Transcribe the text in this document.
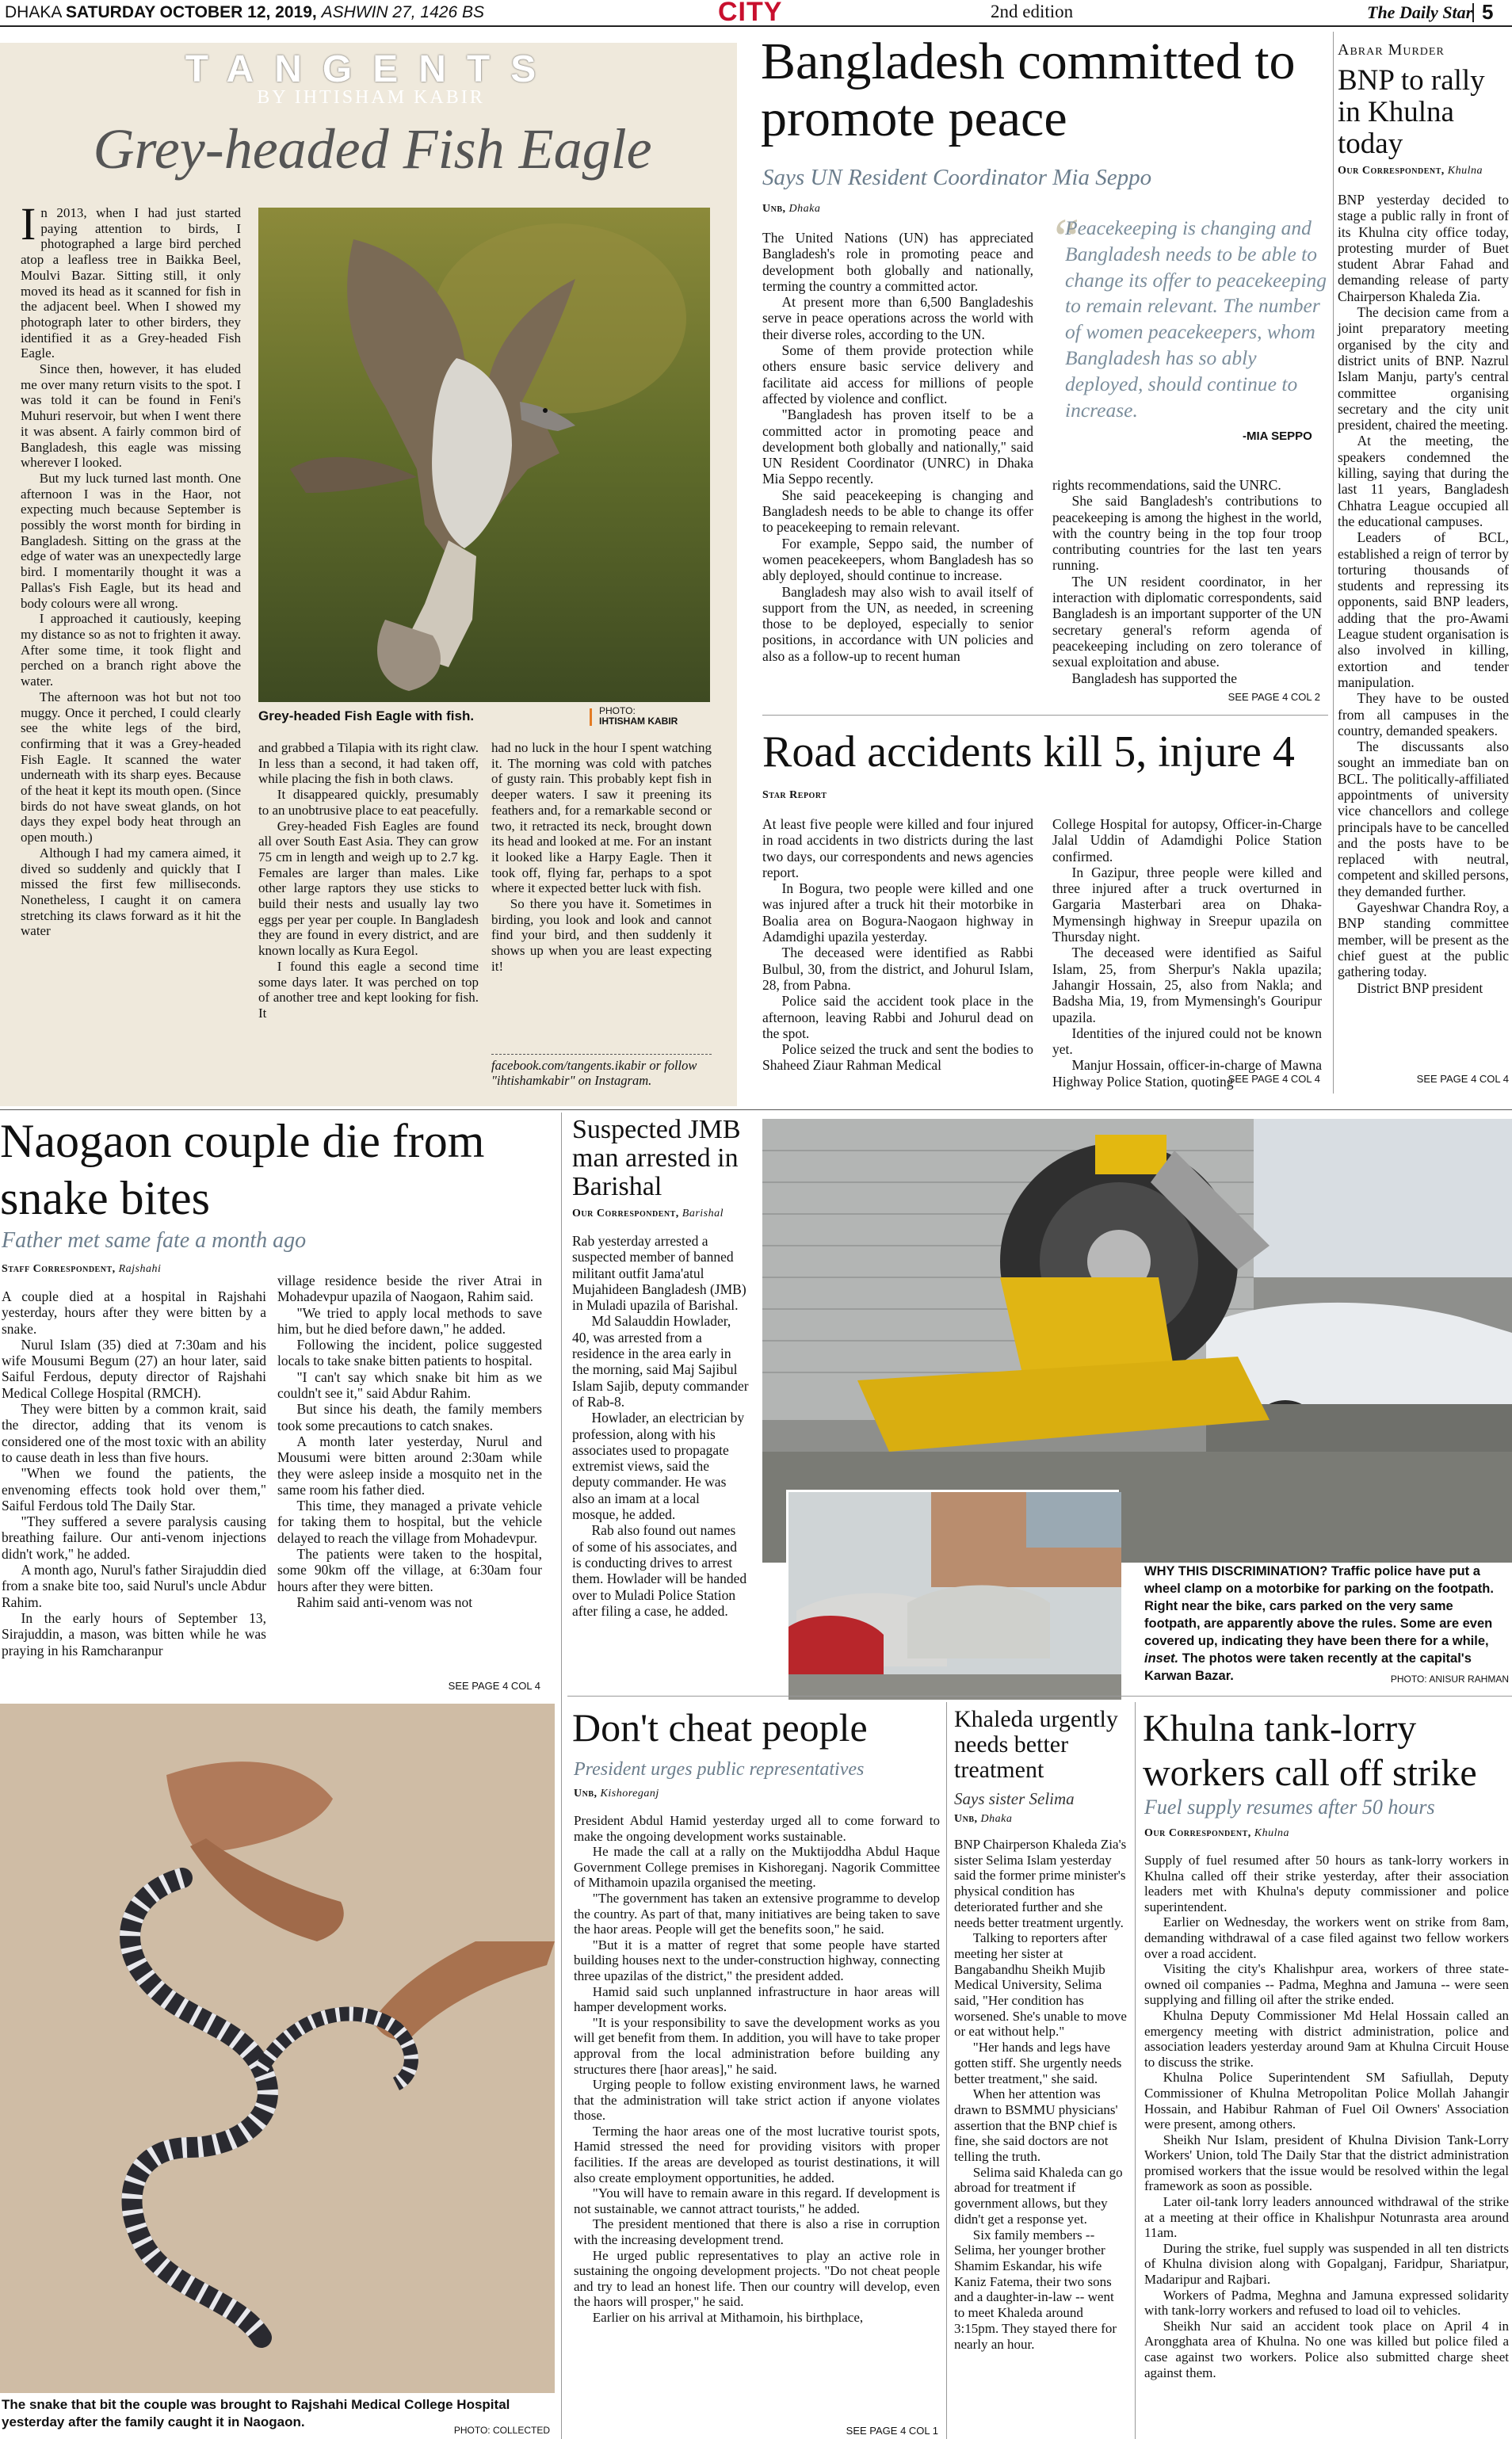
DHAKA SATURDAY OCTOBER 12, 2019, ASHWIN 27, 1426 BS	CITY	2nd edition	The Daily Star 5
TANGENTS
BY IHTISHAM KABIR
Grey-headed Fish Eagle

In 2013, when I had just started paying attention to birds, I photographed a large bird perched atop a leafless tree in Baikka Beel, Moulvi Bazar. Sitting still, it only moved its head as it scanned for fish in the adjacent beel. When I showed my photograph later to other birders, they identified it as a Grey-headed Fish Eagle.

Since then, however, it has eluded me over many return visits to the spot. I was told it can be found in Feni's Muhuri reservoir, but when I went there it was absent. A fairly common bird of Bangladesh, this eagle was missing wherever I looked.

But my luck turned last month. One afternoon I was in the Haor, not expecting much because September is possibly the worst month for birding in Bangladesh. Sitting on the grass at the edge of water was an unexpectedly large bird. I momentarily thought it was a Pallas's Fish Eagle, but its head and body colours were all wrong.

I approached it cautiously, keeping my distance so as not to frighten it away. After some time, it took flight and perched on a branch right above the water.

The afternoon was hot but not too muggy. Once it perched, I could clearly see the white legs of the bird, confirming that it was a Grey-headed Fish Eagle. It scanned the water underneath with its sharp eyes. Because of the heat it kept its mouth open. (Since birds do not have sweat glands, on hot days they expel body heat through an open mouth.)

Although I had my camera aimed, it dived so suddenly and quickly that I missed the first few milliseconds. Nonetheless, I caught it on camera stretching its claws forward as it hit the water

Grey-headed Fish Eagle with fish.	PHOTO:
IHTISHAM KABIR

and grabbed a Tilapia with its right claw. In less than a second, it had taken off, while placing the fish in both claws.

It disappeared quickly, presumably to an unobtrusive place to eat peacefully.

Grey-headed Fish Eagles are found all over South East Asia. They can grow 75 cm in length and weigh up to 2.7 kg. Females are larger than males. Like other large raptors they use sticks to build their nests and usually lay two eggs per year per couple. In Bangladesh they are found in every district, and are known locally as Kura Eegol.

I found this eagle a second time some days later. It was perched on top of another tree and kept looking for fish. It

had no luck in the hour I spent watching it. The morning was cold with patches of gusty rain. This probably kept fish in deeper waters. I saw it preening its feathers and, for a remarkable second or two, it retracted its neck, brought down its head and looked at me. For an instant it looked like a Harpy Eagle. Then it took off, flying far, perhaps to a spot where it expected better luck with fish.

So there you have it. Sometimes in birding, you look and look and cannot find your bird, and then suddenly it shows up when you are least expecting it!

facebook.com/tangents.ikabir or follow "ihtishamkabir" on Instagram.
Bangladesh committed to promote peace
Says UN Resident Coordinator Mia Seppo
Unb, Dhaka

The United Nations (UN) has appreciated Bangladesh's role in promoting peace and development both globally and nationally, terming the country a committed actor.

At present more than 6,500 Bangladeshis serve in peace operations across the world with their diverse roles, according to the UN.

Some of them provide protection while others ensure basic service delivery and facilitate aid access for millions of people affected by violence and conflict.

"Bangladesh has proven itself to be a committed actor in promoting peace and development both globally and nationally," said UN Resident Coordinator (UNRC) in Dhaka Mia Seppo recently.

She said peacekeeping is changing and Bangladesh needs to be able to change its offer to peacekeeping to remain relevant.

For example, Seppo said, the number of women peacekeepers, whom Bangladesh has so ably deployed, should continue to increase.

Bangladesh may also wish to avail itself of support from the UN, as needed, in screening those to be deployed, especially to senior positions, in accordance with UN policies and also as a follow-up to recent human

“
Peacekeeping is changing and Bangladesh needs to be able to change its offer to peacekeeping to remain relevant. The number of women peacekeepers, whom Bangladesh has so ably deployed, should continue to increase.
-MIA SEPPO

rights recommendations, said the UNRC.

She said Bangladesh's contributions to peacekeeping is among the highest in the world, with the country being in the top four troop contributing countries for the last ten years running.

The UN resident coordinator, in her interaction with diplomatic correspondents, said Bangladesh is an important supporter of the UN secretary general's reform agenda of peacekeeping including on zero tolerance of sexual exploitation and abuse.

Bangladesh has supported the

SEE PAGE 4 COL 2
Abrar Murder
BNP to rally in Khulna today
Our Correspondent, Khulna

BNP yesterday decided to stage a public rally in front of its Khulna city office today, protesting murder of Buet student Abrar Fahad and demanding release of party Chairperson Khaleda Zia.

The decision came from a joint preparatory meeting organised by the city and district units of BNP. Nazrul Islam Manju, party's central committee organising secretary and the city unit president, chaired the meeting.

At the meeting, the speakers condemned the killing, saying that during the last 11 years, Bangladesh Chhatra League occupied all the educational campuses.

Leaders of BCL, established a reign of terror by torturing thousands of students and repressing its opponents, said BNP leaders, adding that the pro-Awami League student organisation is also involved in killing, extortion and tender manipulation.

They have to be ousted from all campuses in the country, demanded speakers.

The discussants also sought an immediate ban on BCL. The politically-affiliated appointments of university vice chancellors and college principals have to be cancelled and the posts have to be replaced with neutral, competent and skilled persons, they demanded further.

Gayeshwar Chandra Roy, a BNP standing committee member, will be present as the chief guest at the public gathering today.

District BNP president

SEE PAGE 4 COL 4
Road accidents kill 5, injure 4
Star Report

At least five people were killed and four injured in road accidents in two districts during the last two days, our correspondents and news agencies report.

In Bogura, two people were killed and one was injured after a truck hit their motorbike in Boalia area on Bogura-Naogaon highway in Adamdighi upazila yesterday.

The deceased were identified as Rabbi Bulbul, 30, from the district, and Johurul Islam, 28, from Pabna.

Police said the accident took place in the afternoon, leaving Rabbi and Johurul dead on the spot.

Police seized the truck and sent the bodies to Shaheed Ziaur Rahman Medical

College Hospital for autopsy, Officer-in-Charge Jalal Uddin of Adamdighi Police Station confirmed.

In Gazipur, three people were killed and three injured after a truck overturned in Gargaria Masterbari area on Dhaka-Mymensingh highway in Sreepur upazila on Thursday night.

The deceased were identified as Saiful Islam, 25, from Sherpur's Nakla upazila; Jahangir Hossain, 25, also from Nakla; and Badsha Mia, 19, from Mymensingh's Gouripur upazila.

Identities of the injured could not be known yet.

Manjur Hossain, officer-in-charge of Mawna Highway Police Station, quoting

SEE PAGE 4 COL 4
Naogaon couple die from snake bites
Father met same fate a month ago
Staff Correspondent, Rajshahi

A couple died at a hospital in Rajshahi yesterday, hours after they were bitten by a snake.

Nurul Islam (35) died at 7:30am and his wife Mousumi Begum (27) an hour later, said Saiful Ferdous, deputy director of Rajshahi Medical College Hospital (RMCH).

They were bitten by a common krait, said the director, adding that its venom is considered one of the most toxic with an ability to cause death in less than five hours.

"When we found the patients, the envenoming effects took hold over them," Saiful Ferdous told The Daily Star.

"They suffered a severe paralysis causing breathing failure. Our anti-venom injections didn't work," he added.

A month ago, Nurul's father Sirajuddin died from a snake bite too, said Nurul's uncle Abdur Rahim.

In the early hours of September 13, Sirajuddin, a mason, was bitten while he was praying in his Ramcharanpur

village residence beside the river Atrai in Mohadevpur upazila of Naogaon, Rahim said.

"We tried to apply local methods to save him, but he died before dawn," he added.

Following the incident, police suggested locals to take snake bitten patients to hospital.

"I can't say which snake bit him as we couldn't see it," said Abdur Rahim.

But since his death, the family members took some precautions to catch snakes.

A month later yesterday, Nurul and Mousumi were bitten around 2:30am while they were asleep inside a mosquito net in the same room his father died.

This time, they managed a private vehicle for taking them to hospital, but the vehicle delayed to reach the village from Mohadevpur.

The patients were taken to the hospital, some 90km off the village, at 6:30am four hours after they were bitten.

Rahim said anti-venom was not

SEE PAGE 4 COL 4
The snake that bit the couple was brought to Rajshahi Medical College Hospital yesterday after the family caught it in Naogaon.
PHOTO: COLLECTED
Suspected JMB man arrested in Barishal
Our Correspondent, Barishal

Rab yesterday arrested a suspected member of banned militant outfit Jama'atul Mujahideen Bangladesh (JMB) in Muladi upazila of Barishal.

Md Salauddin Howlader, 40, was arrested from a residence in the area early in the morning, said Maj Sajibul Islam Sajib, deputy commander of Rab-8.

Howlader, an electrician by profession, along with his associates used to propagate extremist views, said the deputy commander. He was also an imam at a local mosque, he added.

Rab also found out names of some of his associates, and is conducting drives to arrest them. Howlader will be handed over to Muladi Police Station after filing a case, he added.

WHY THIS DISCRIMINATION? Traffic police have put a wheel clamp on a motorbike for parking on the footpath. Right near the bike, cars parked on the very same footpath, are apparently above the rules. Some are even covered up, indicating they have been there for a while, inset. The photos were taken recently at the capital's Karwan Bazar.	PHOTO: ANISUR RAHMAN
Don't cheat people
President urges public representatives
Unb, Kishoreganj

President Abdul Hamid yesterday urged all to come forward to make the ongoing development works sustainable.

He made the call at a rally on the Muktijoddha Abdul Haque Government College premises in Kishoreganj. Nagorik Committee of Mithamoin upazila organised the meeting.

"The government has taken an extensive programme to develop the country. As part of that, many initiatives are being taken to save the haor areas. People will get the benefits soon," he said.

"But it is a matter of regret that some people have started building houses next to the under-construction highway, connecting three upazilas of the district," the president added.

Hamid said such unplanned infrastructure in haor areas will hamper development works.

"It is your responsibility to save the development works as you will get benefit from them. In addition, you will have to take proper approval from the local administration before building any structures there [haor areas]," he said.

Urging people to follow existing environment laws, he warned that the administration will take strict action if anyone violates those.

Terming the haor areas one of the most lucrative tourist spots, Hamid stressed the need for providing visitors with proper facilities. If the areas are developed as tourist destinations, it will also create employment opportunities, he added.

"You will have to remain aware in this regard. If development is not sustainable, we cannot attract tourists," he added.

The president mentioned that there is also a rise in corruption with the increasing development trend.

He urged public representatives to play an active role in sustaining the ongoing development projects. "Do not cheat people and try to lead an honest life. Then our country will develop, even the haors will prosper," he said.

Earlier on his arrival at Mithamoin, his birthplace,

SEE PAGE 4 COL 1
Khaleda urgently needs better treatment
Says sister Selima
Unb, Dhaka

BNP Chairperson Khaleda Zia's sister Selima Islam yesterday said the former prime minister's physical condition has deteriorated further and she needs better treatment urgently.

Talking to reporters after meeting her sister at Bangabandhu Sheikh Mujib Medical University, Selima said, "Her condition has worsened. She's unable to move or eat without help."

"Her hands and legs have gotten stiff. She urgently needs better treatment," she said.

When her attention was drawn to BSMMU physicians' assertion that the BNP chief is fine, she said doctors are not telling the truth.

Selima said Khaleda can go abroad for treatment if government allows, but they didn't get a response yet.

Six family members -- Selima, her younger brother Shamim Eskandar, his wife Kaniz Fatema, their two sons and a daughter-in-law -- went to meet Khaleda around 3:15pm. They stayed there for nearly an hour.

Khulna tank-lorry workers call off strike
Fuel supply resumes after 50 hours
Our Correspondent, Khulna

Supply of fuel resumed after 50 hours as tank-lorry workers in Khulna called off their strike yesterday, after their association leaders met with Khulna's deputy commissioner and police superintendent.

Earlier on Wednesday, the workers went on strike from 8am, demanding withdrawal of a case filed against two fellow workers over a road accident.

Visiting the city's Khalishpur area, workers of three state-owned oil companies -- Padma, Meghna and Jamuna -- were seen supplying and filling oil after the strike ended.

Khulna Deputy Commissioner Md Helal Hossain called an emergency meeting with district administration, police and association leaders yesterday around 9am at Khulna Circuit House to discuss the strike.

Khulna Police Superintendent SM Safiullah, Deputy Commissioner of Khulna Metropolitan Police Mollah Jahangir Hossain, and Habibur Rahman of Fuel Oil Owners' Association were present, among others.

Sheikh Nur Islam, president of Khulna Division Tank-Lorry Workers' Union, told The Daily Star that the district administration promised workers that the issue would be resolved within the legal framework as soon as possible.

Later oil-tank lorry leaders announced withdrawal of the strike at a meeting at their office in Khalishpur Notunrasta area around 11am.

During the strike, fuel supply was suspended in all ten districts of Khulna division along with Gopalganj, Faridpur, Shariatpur, Madaripur and Rajbari.

Workers of Padma, Meghna and Jamuna expressed solidarity with tank-lorry workers and refused to load oil to vehicles.

Sheikh Nur said an accident took place on April 4 in Arongghata area of Khulna. No one was killed but police filed a case against two workers. Police also submitted charge sheet against them.
